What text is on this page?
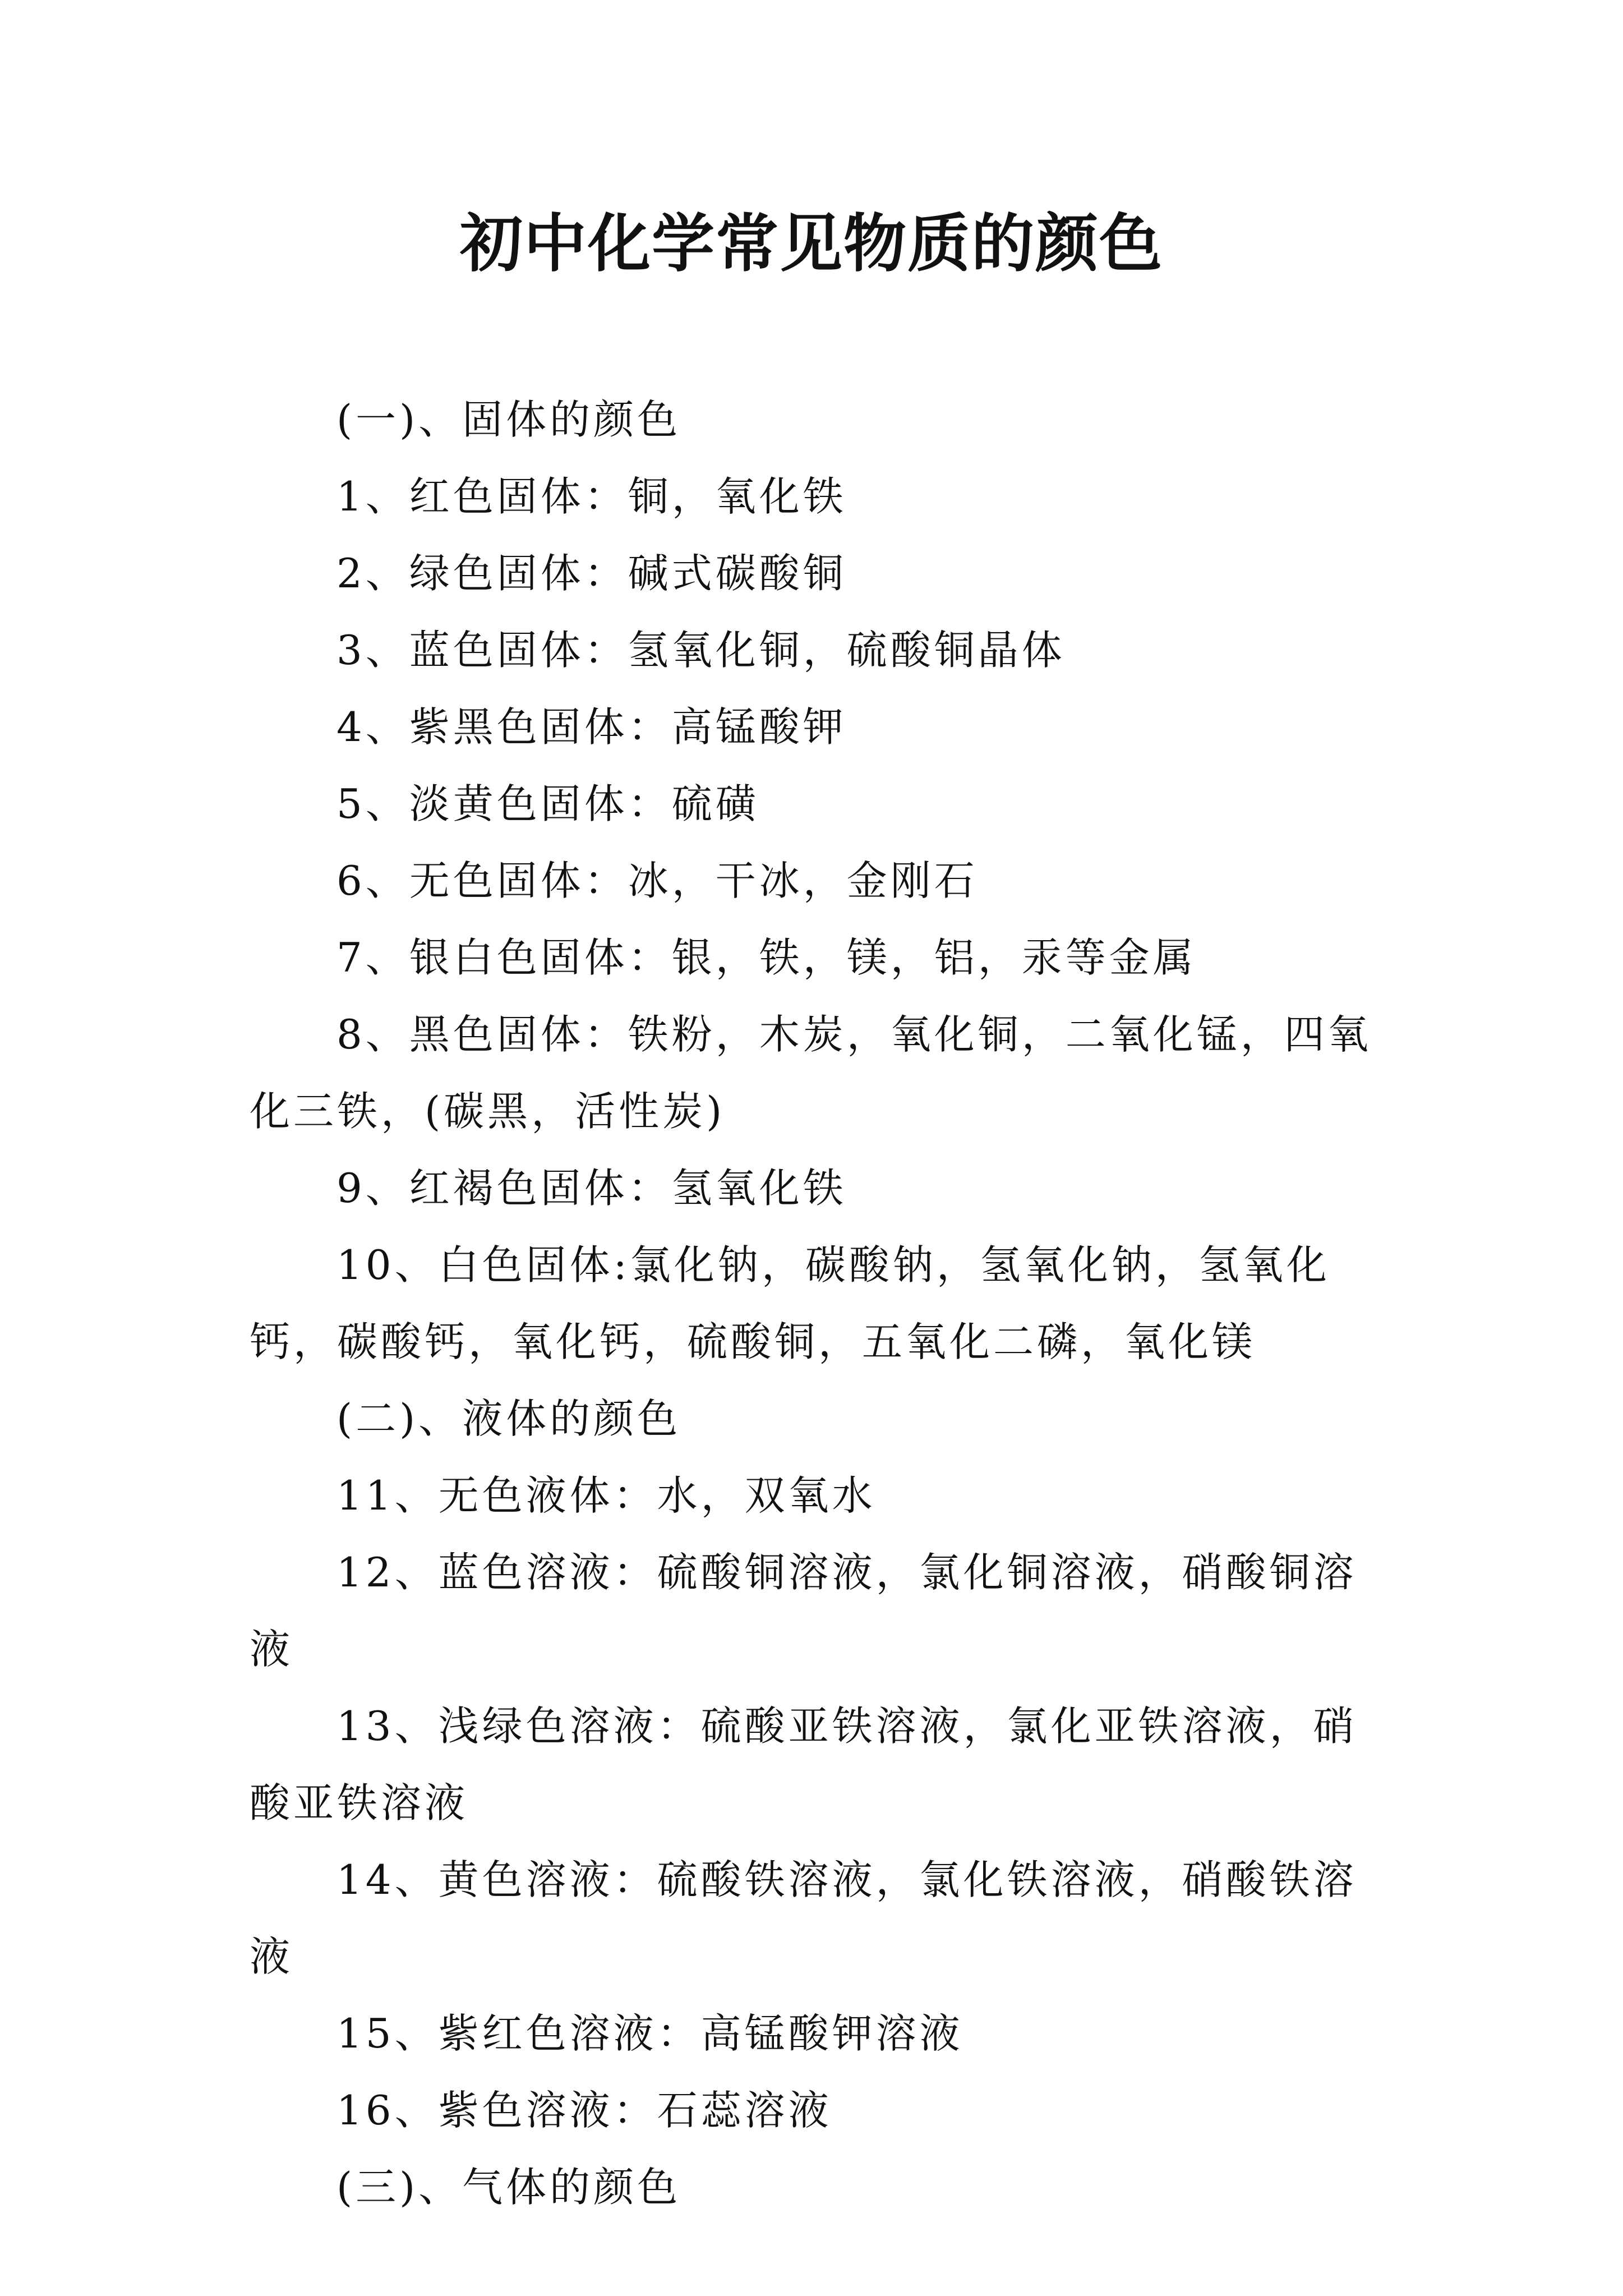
初中化学常见物质的颜色

(一)、固体的颜色

1、红色固体：铜，氧化铁

2、绿色固体：碱式碳酸铜

3、蓝色固体：氢氧化铜，硫酸铜晶体

4、紫黑色固体：高锰酸钾

5、淡黄色固体：硫磺

6、无色固体：冰，干冰，金刚石

7、银白色固体：银，铁，镁，铝，汞等金属

8、黑色固体：铁粉，木炭，氧化铜，二氧化锰，四氧化三铁，(碳黑，活性炭)

9、红褐色固体：氢氧化铁

10、白色固体:氯化钠，碳酸钠，氢氧化钠，氢氧化钙，碳酸钙，氧化钙，硫酸铜，五氧化二磷，氧化镁

(二)、液体的颜色

11、无色液体：水，双氧水

12、蓝色溶液：硫酸铜溶液，氯化铜溶液，硝酸铜溶液

13、浅绿色溶液：硫酸亚铁溶液，氯化亚铁溶液，硝酸亚铁溶液

14、黄色溶液：硫酸铁溶液，氯化铁溶液，硝酸铁溶液

15、紫红色溶液：高锰酸钾溶液

16、紫色溶液：石蕊溶液

(三)、气体的颜色
